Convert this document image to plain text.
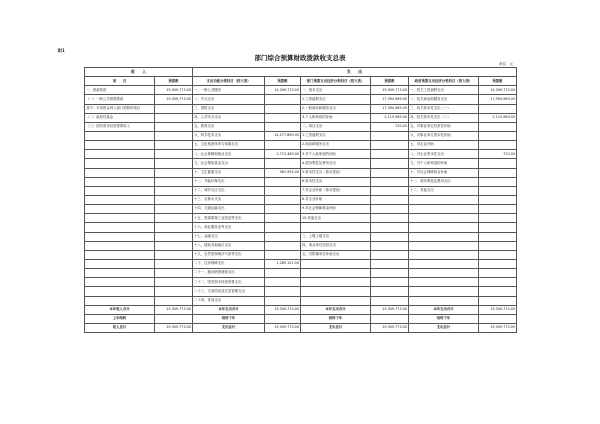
附1
部门综合预算财政拨款收支总表
单位：元
收　　入		支　　出					
项　　目	预算数	支出功能分类科目（按大类）	预算数	部门预算支出经济分类科目（按大类）	预算数	政府预算支出经济分类科目（按大类）	预算数
一、财政拨款	19,309,773.00	一、一般公共服务	19,309,773.00	一、基本支出	19,309,773.00	一、机关工资福利支出	19,309,773.00
（一）一般公共预算拨款	19,309,773.00	二、外交支出		1.工资福利支出	17,394,989.00	二、机关商品和服务支出	17,394,989.00
其中：专项资金列入部门预算的项目		三、国防支出		2.一般商品和服务支出	17,394,989.00	三、机关资本性支出（一）	
（二）政府性基金		四、公共安全支出		3.个人和家庭的补助	2,115,989.00	四、机关资本性支出（二）	2,115,989.00
（三）国有资本经营预算收入		五、教育支出		二、项目支出	720.00	五、对事业单位经常性补助	
		六、科学技术支出	14,577,869.00	1.工资福利支出		六、对事业单位资本性补助	
		七、文化旅游体育与传媒支出		2.商品和服务支出		七、对企业补助	
		八、社会保障和就业支出	2,715,389.00	3.对个人和家庭的补助		八、对企业资本性支出	720.00
		九、社会保险基金支出		4.债务利息及费用支出		九、对个人和家庭的补助	
		十、卫生健康支出	962,954.00	5.资本性支出（基本建设）		十、对社会保障基金补助	
		十一、节能环保支出		6.资本性支出		十一、债务利息及费用支出	
		十二、城乡社区支出		7.对企业补助（基本建设）		十二、其他支出	
		十三、农林水支出		8.对企业补助			
		十四、交通运输支出		9.对社会保障基金补助			
		十五、资源勘探工业信息等支出		10.其他支出			
		十六、商业服务业等支出					
		十七、金融支出		三、上缴上级支出			
		十八、援助其他地区支出		四、事业单位经营支出			
		十九、自然资源海洋气象等支出		五、对附属单位补助支出			
		二十、住房保障支出	1,289,151.00				
		二十一、粮油物资储备支出					
		二十二、国有资本经营预算支出					
		二十三、灾害防治及应急管理支出					
		二十四、其他支出					
本年收入合计	19,309,773.00	本年支出合计	19,309,773.00	本年支出合计	19,309,773.00	本年支出合计	19,309,773.00
上年结转		结转下年		结转下年		结转下年	
收入总计	19,309,773.00	支出总计	19,309,773.00	支出总计	19,309,773.00	支出总计	19,309,773.00
